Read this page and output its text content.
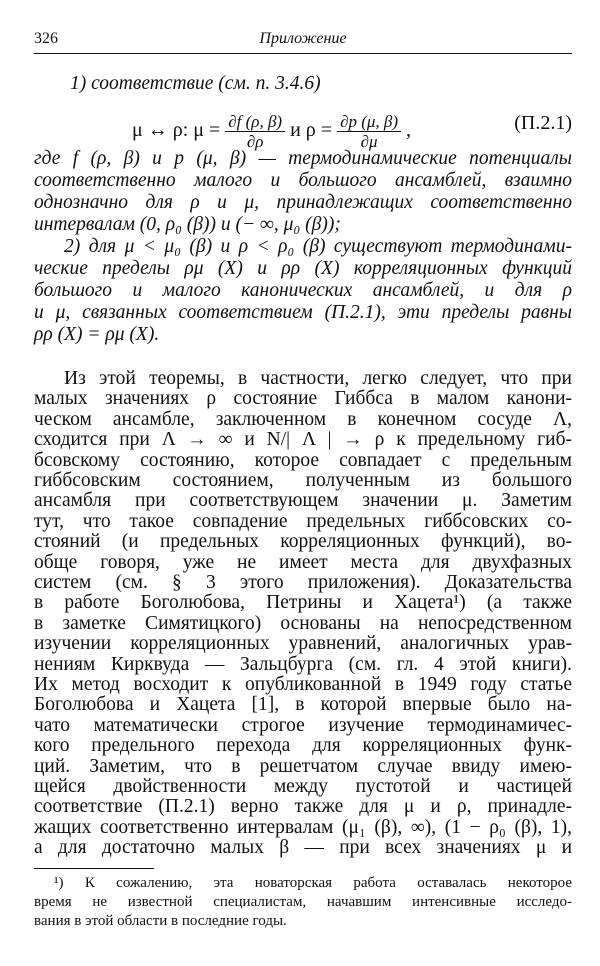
326	Приложение
1) соответствие (см. п. 3.4.6)
μ ↔ ρ: $\mu = \frac{\partial f (\rho, \beta)}{\partial\rho}$ и $\rho = \frac{\partial p (\mu, \beta)}{\partial\mu}$ ,	(П.2.1)
где f (ρ, β) и p (μ, β) — термодинамические потенциалы
соответственно малого и большого ансамблей, взаимно
однозначно для ρ и μ, принадлежащих соответственно
интервалам (0, ρ₀ (β)) и (− ∞, μ₀ (β));
2) для μ < μ₀ (β) и ρ < ρ₀ (β) существуют термодинами-
ческие пределы ρμ (X) и ρρ (X) корреляционных функций
большого и малого канонических ансамблей, и для ρ
и μ, связанных соответствием (П.2.1), эти пределы равны
ρρ (X) = ρμ (X).
Из этой теоремы, в частности, легко следует, что при
малых значениях ρ состояние Гиббса в малом канони-
ческом ансамбле, заключенном в конечном сосуде Λ,
сходится при Λ → ∞ и N/| Λ | → ρ к предельному гиб-
бсовскому состоянию, которое совпадает с предельным
гиббсовским состоянием, полученным из большого
ансамбля при соответствующем значении μ. Заметим
тут, что такое совпадение предельных гиббсовских со-
стояний (и предельных корреляционных функций), во-
обще говоря, уже не имеет места для двухфазных
систем (см. § 3 этого приложения). Доказательства
в работе Боголюбова, Петрины и Хацета¹) (а также
в заметке Симятицкого) основаны на непосредственном
изучении корреляционных уравнений, аналогичных урав-
нениям Кирквуда — Зальцбурга (см. гл. 4 этой книги).
Их метод восходит к опубликованной в 1949 году статье
Боголюбова и Хацета [1], в которой впервые было на-
чато математически строгое изучение термодинамичес-
кого предельного перехода для корреляционных функ-
ций. Заметим, что в решетчатом случае ввиду имею-
щейся двойственности между пустотой и частицей
соответствие (П.2.1) верно также для μ и ρ, принадле-
жащих соответственно интервалам (μ₁ (β), ∞), (1 − ρ₀ (β), 1),
а для достаточно малых β — при всех значениях μ и
¹) К сожалению, эта новаторская работа оставалась некоторое
время не известной специалистам, начавшим интенсивные исследо-
вания в этой области в последние годы.
